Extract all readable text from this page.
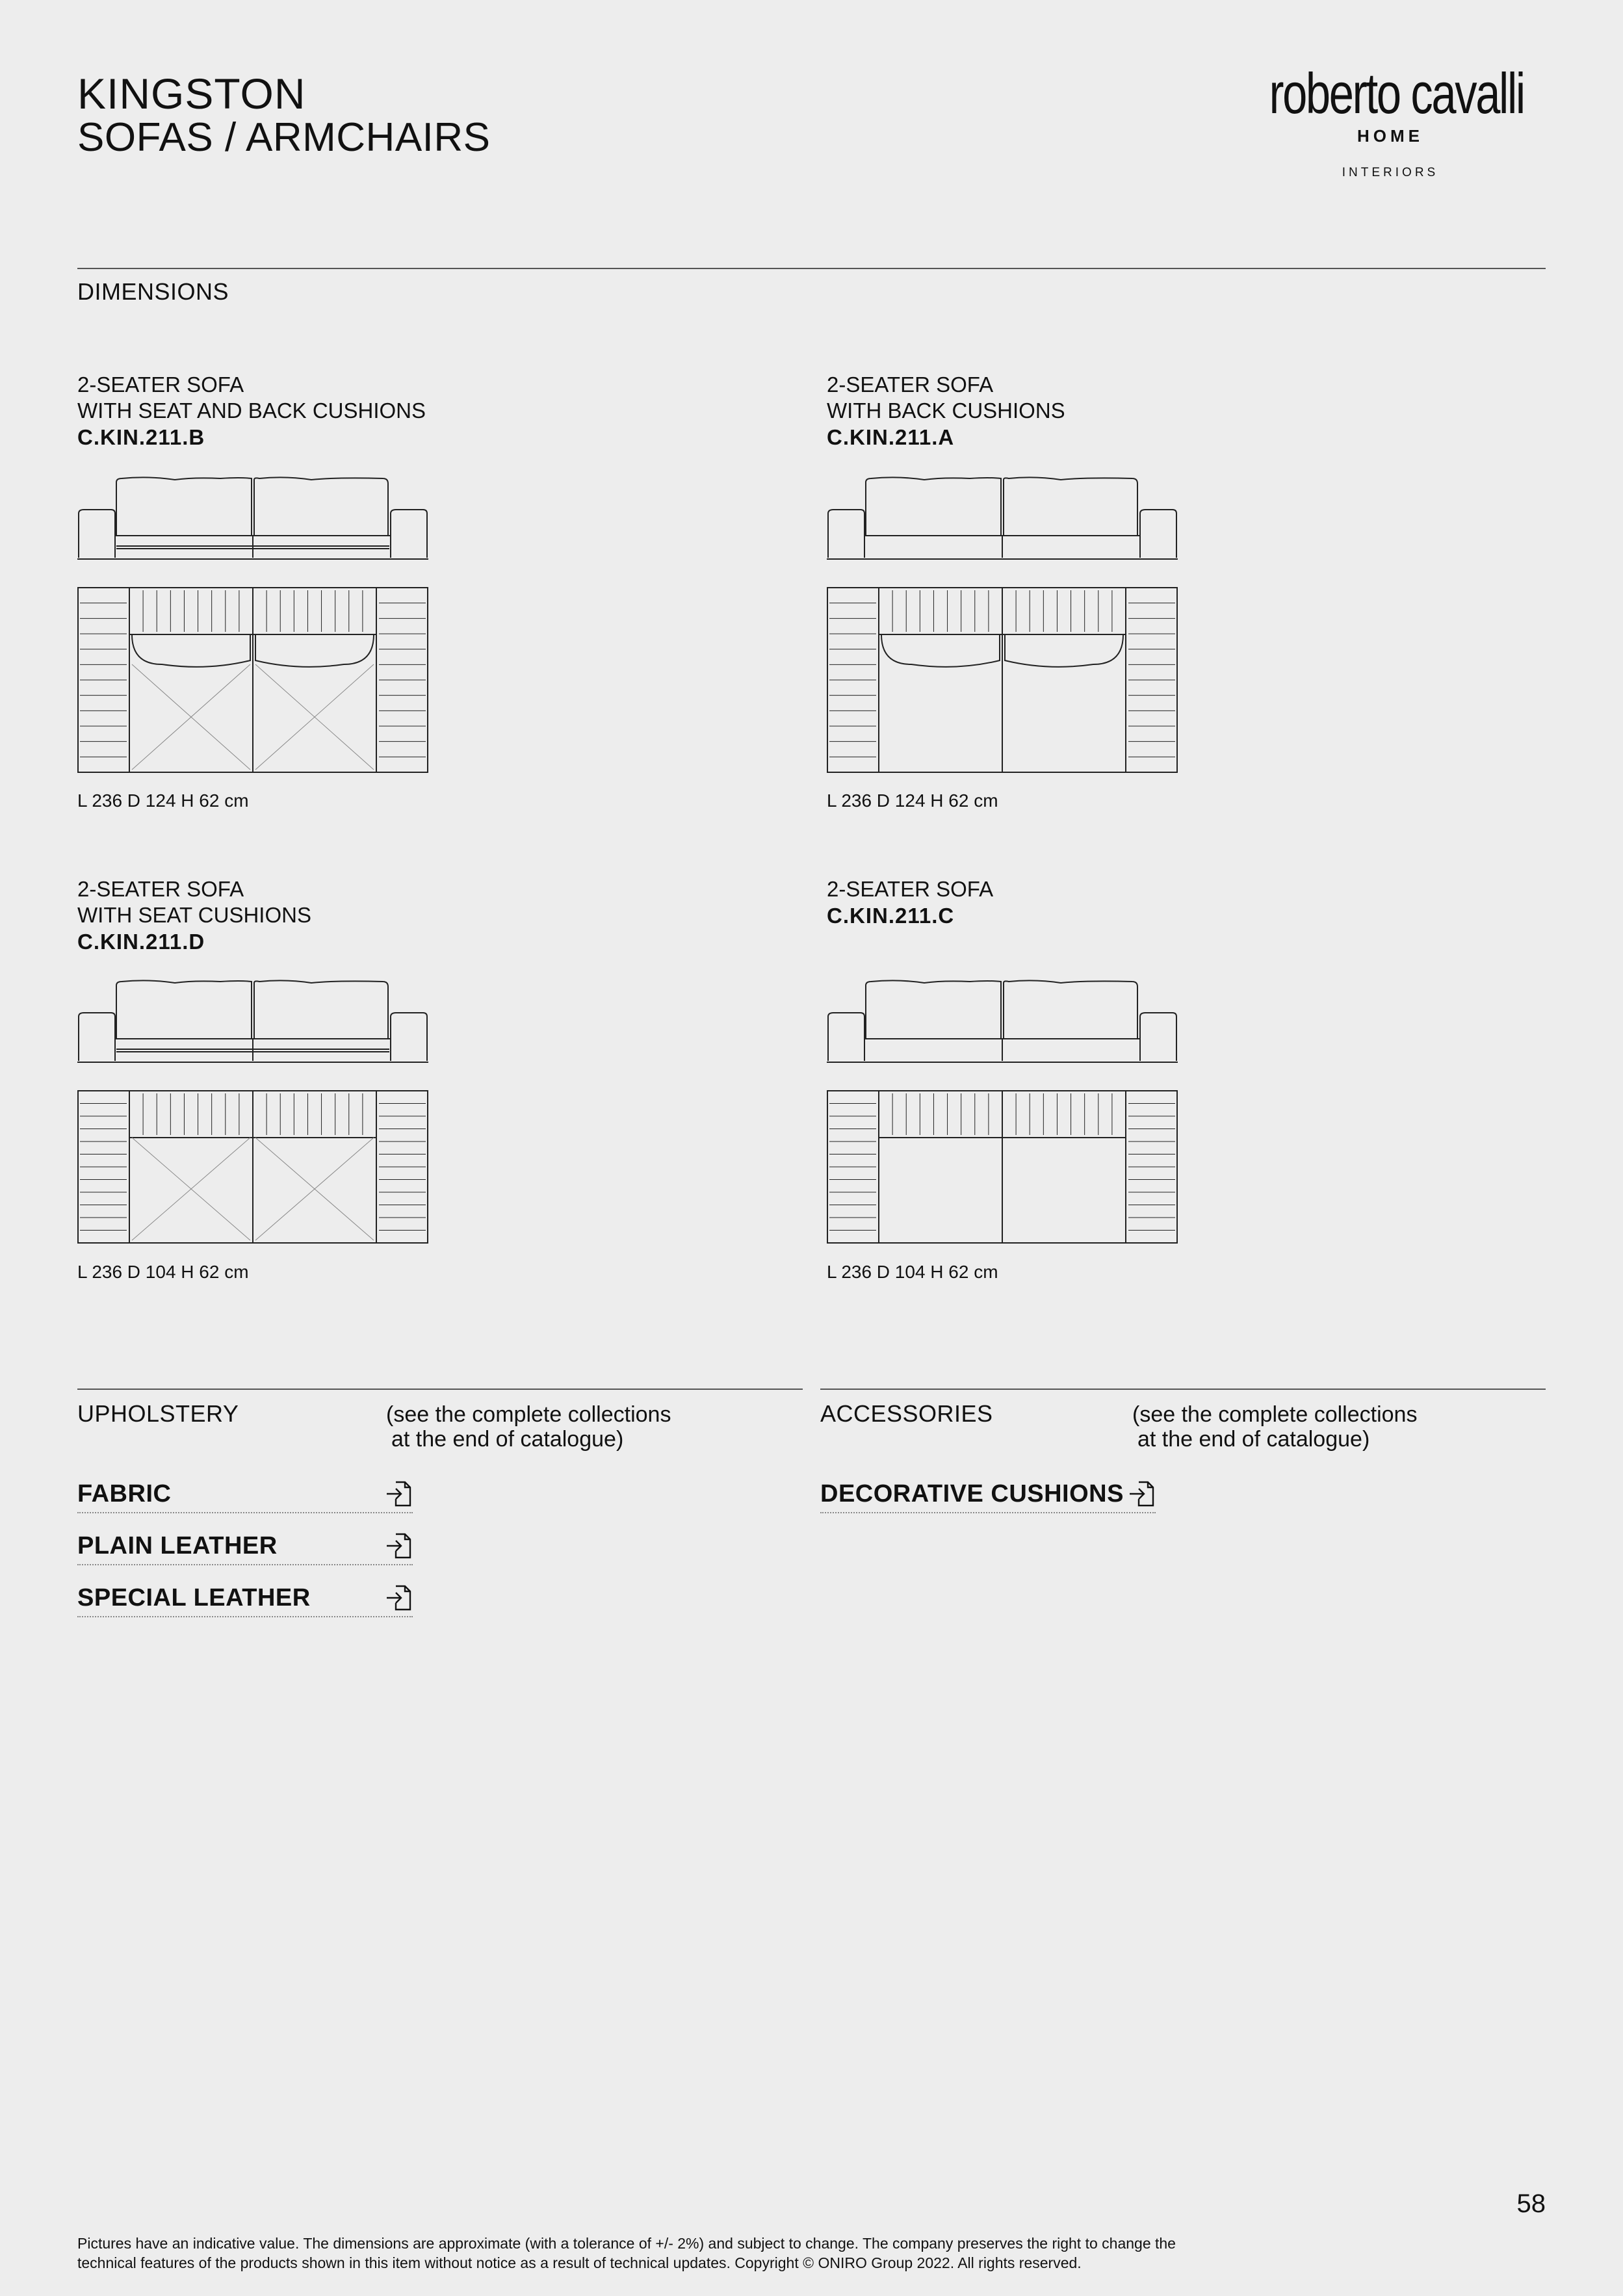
KINGSTON
SOFAS / ARMCHAIRS
roberto cavalli
HOME
INTERIORS
DIMENSIONS
2-SEATER SOFA
WITH SEAT AND BACK CUSHIONS
C.KIN.211.B
L 236 D 124 H 62 cm
2-SEATER SOFA
WITH BACK CUSHIONS
C.KIN.211.A
L 236 D 124 H 62 cm
2-SEATER SOFA
WITH SEAT CUSHIONS
C.KIN.211.D
L 236 D 104 H 62 cm
2-SEATER SOFA
C.KIN.211.C
L 236 D 104 H 62 cm
UPHOLSTERY	(see the complete collections
at the end of catalogue)
FABRIC
PLAIN LEATHER
SPECIAL LEATHER
ACCESSORIES	(see the complete collections
at the end of catalogue)
DECORATIVE CUSHIONS
58
Pictures have an indicative value. The dimensions are approximate (with a tolerance of +/- 2%) and subject to change. The company preserves the right to change the
technical features of the products shown in this item without notice as a result of technical updates. Copyright © ONIRO Group 2022. All rights reserved.
